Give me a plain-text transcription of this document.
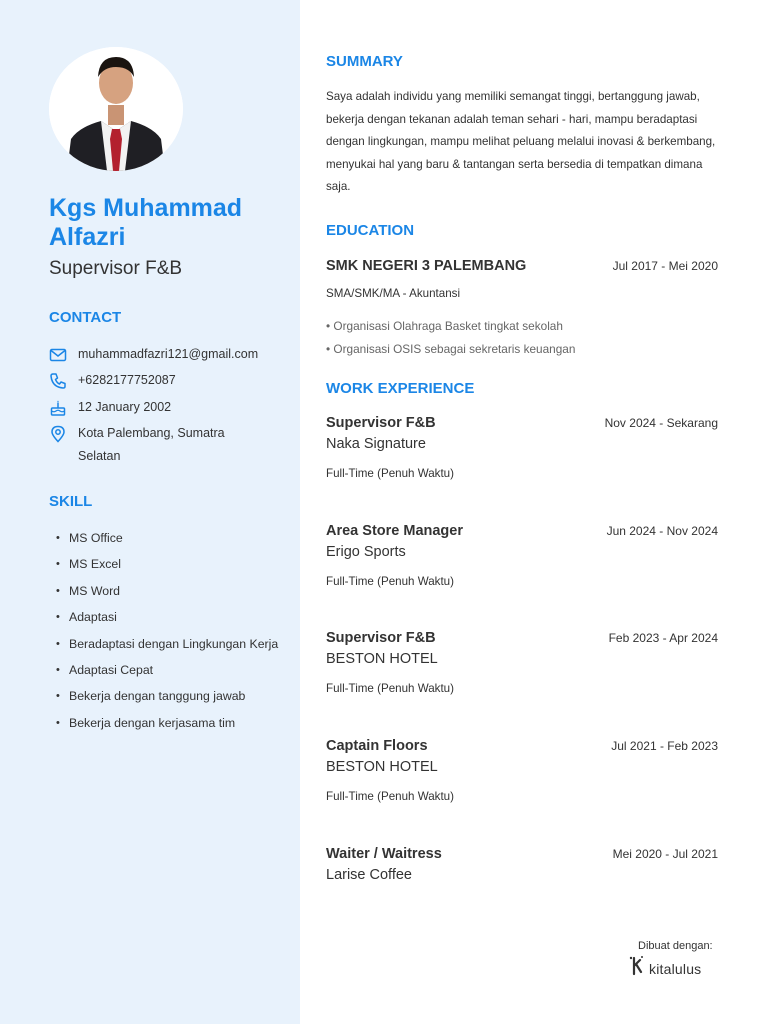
Kgs Muhammad Alfazri
Supervisor F&B
CONTACT
muhammadfazri121@gmail.com
+6282177752087
12 January 2002
Kota Palembang, Sumatra Selatan
SKILL
• MS Office
• MS Excel
• MS Word
• Adaptasi
• Beradaptasi dengan Lingkungan Kerja
• Adaptasi Cepat
• Bekerja dengan tanggung jawab
• Bekerja dengan kerjasama tim
SUMMARY
Saya adalah individu yang memiliki semangat tinggi, bertanggung jawab, bekerja dengan tekanan adalah teman sehari - hari, mampu beradaptasi dengan lingkungan, mampu melihat peluang melalui inovasi & berkembang, menyukai hal yang baru & tantangan serta bersedia di tempatkan dimana saja.
EDUCATION
SMK NEGERI 3 PALEMBANG	Jul 2017 - Mei 2020
SMA/SMK/MA - Akuntansi
• Organisasi Olahraga Basket tingkat sekolah
• Organisasi OSIS sebagai sekretaris keuangan
WORK EXPERIENCE
Supervisor F&B	Nov 2024 - Sekarang
Naka Signature
Full-Time (Penuh Waktu)
Area Store Manager	Jun 2024 - Nov 2024
Erigo Sports
Full-Time (Penuh Waktu)
Supervisor F&B	Feb 2023 - Apr 2024
BESTON HOTEL
Full-Time (Penuh Waktu)
Captain Floors	Jul 2021 - Feb 2023
BESTON HOTEL
Full-Time (Penuh Waktu)
Waiter / Waitress	Mei 2020 - Jul 2021
Larise Coffee
Dibuat dengan:
kitalulus
